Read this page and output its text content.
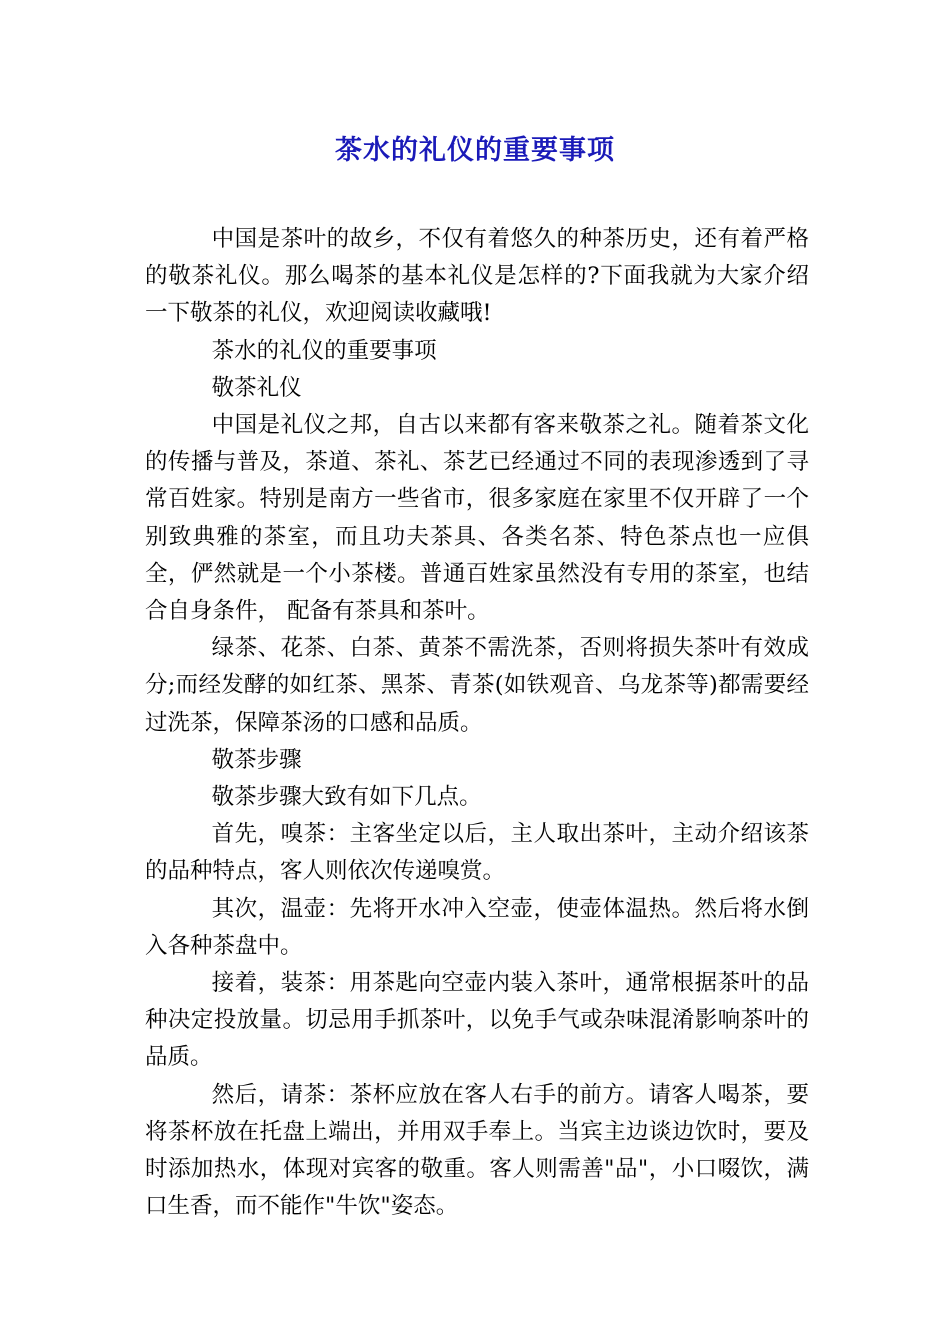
茶水的礼仪的重要事项

中国是茶叶的故乡，不仅有着悠久的种茶历史，还有着严格的敬茶礼仪。那么喝茶的基本礼仪是怎样的?下面我就为大家介绍一下敬茶的礼仪，欢迎阅读收藏哦!

茶水的礼仪的重要事项

敬茶礼仪

中国是礼仪之邦，自古以来都有客来敬茶之礼。随着茶文化的传播与普及，茶道、茶礼、茶艺已经通过不同的表现渗透到了寻常百姓家。特别是南方一些省市，很多家庭在家里不仅开辟了一个别致典雅的茶室，而且功夫茶具、各类名茶、特色茶点也一应俱全，俨然就是一个小茶楼。普通百姓家虽然没有专用的茶室，也结合自身条件， 配备有茶具和茶叶。

绿茶、花茶、白茶、黄茶不需洗茶，否则将损失茶叶有效成分;而经发酵的如红茶、黑茶、青茶(如铁观音、乌龙茶等)都需要经过洗茶，保障茶汤的口感和品质。

敬茶步骤

敬茶步骤大致有如下几点。

首先，嗅茶：主客坐定以后，主人取出茶叶，主动介绍该茶的品种特点，客人则依次传递嗅赏。

其次，温壶：先将开水冲入空壶，使壶体温热。然后将水倒入各种茶盘中。

接着，装茶：用茶匙向空壶内装入茶叶，通常根据茶叶的品种决定投放量。切忌用手抓茶叶，以免手气或杂味混淆影响茶叶的品质。

然后，请茶：茶杯应放在客人右手的前方。请客人喝茶，要将茶杯放在托盘上端出，并用双手奉上。当宾主边谈边饮时，要及时添加热水，体现对宾客的敬重。客人则需善"品"，小口啜饮，满口生香，而不能作"牛饮"姿态。
